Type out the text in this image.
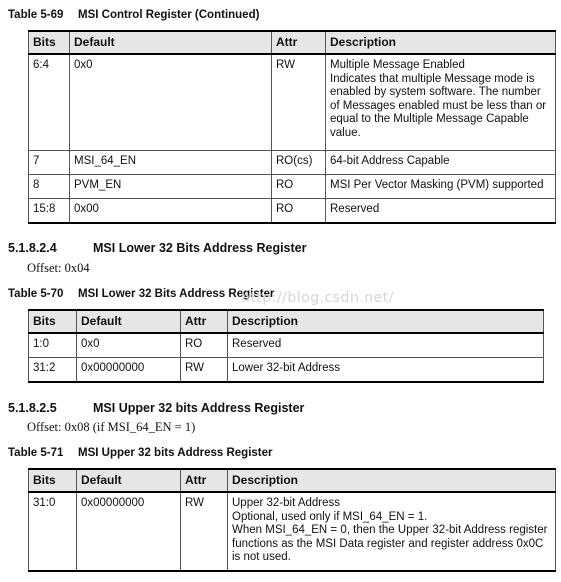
Table 5-69 MSI Control Register (Continued)
Bits	Default	Attr	Description
6:4	0x0	RW	Multiple Message Enabled
Indicates that multiple Message mode is enabled by system software. The number of Messages enabled must be less than or equal to the Multiple Message Capable value.

7	MSI_64_EN	RO(cs)	64-bit Address Capable
8	PVM_EN	RO	MSI Per Vector Masking (PVM) supported
15:8	0x00	RO	Reserved
5.1.8.2.4	MSI Lower 32 Bits Address Register
Offset: 0x04
Table 5-70 MSI Lower 32 Bits Address Register
http://blog.csdn.net/
Bits	Default	Attr	Description
1:0	0x0	RO	Reserved
31:2	0x00000000	RW	Lower 32-bit Address
5.1.8.2.5	MSI Upper 32 bits Address Register
Offset: 0x08 (if MSI_64_EN = 1)
Table 5-71 MSI Upper 32 bits Address Register
Bits	Default	Attr	Description
31:0	0x00000000	RW	Upper 32-bit Address
Optional, used only if MSI_64_EN = 1.
When MSI_64_EN = 0, then the Upper 32-bit Address register functions as the MSI Data register and register address 0x0C is not used.
